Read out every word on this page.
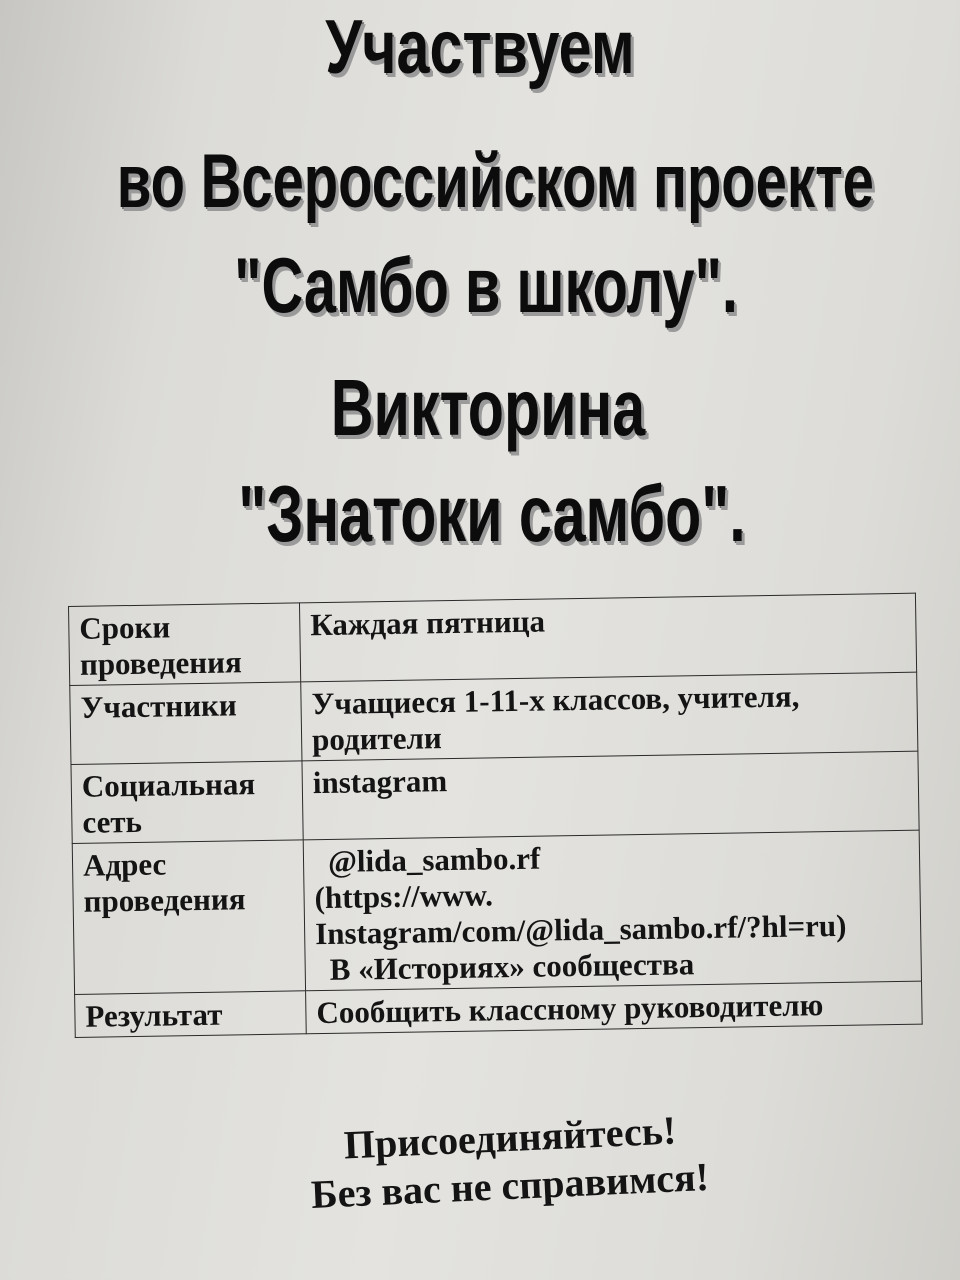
Участвуем
во Всероссийском проекте
"Самбо в школу".
Викторина
"Знатоки самбо".
Сроки
проведения	Каждая пятница

Участники	Учащиеся 1-11-х классов, учителя,
родители

Социальная
сеть	instagram

Адрес
проведения	@lida_sambo.rf
(https://www.
Instagram/com/@lida_sambo.rf/?hl=ru)
В «Историях» сообщества

Результат	Сообщить классному руководителю

Присоединяйтесь!

Без вас не справимся!
